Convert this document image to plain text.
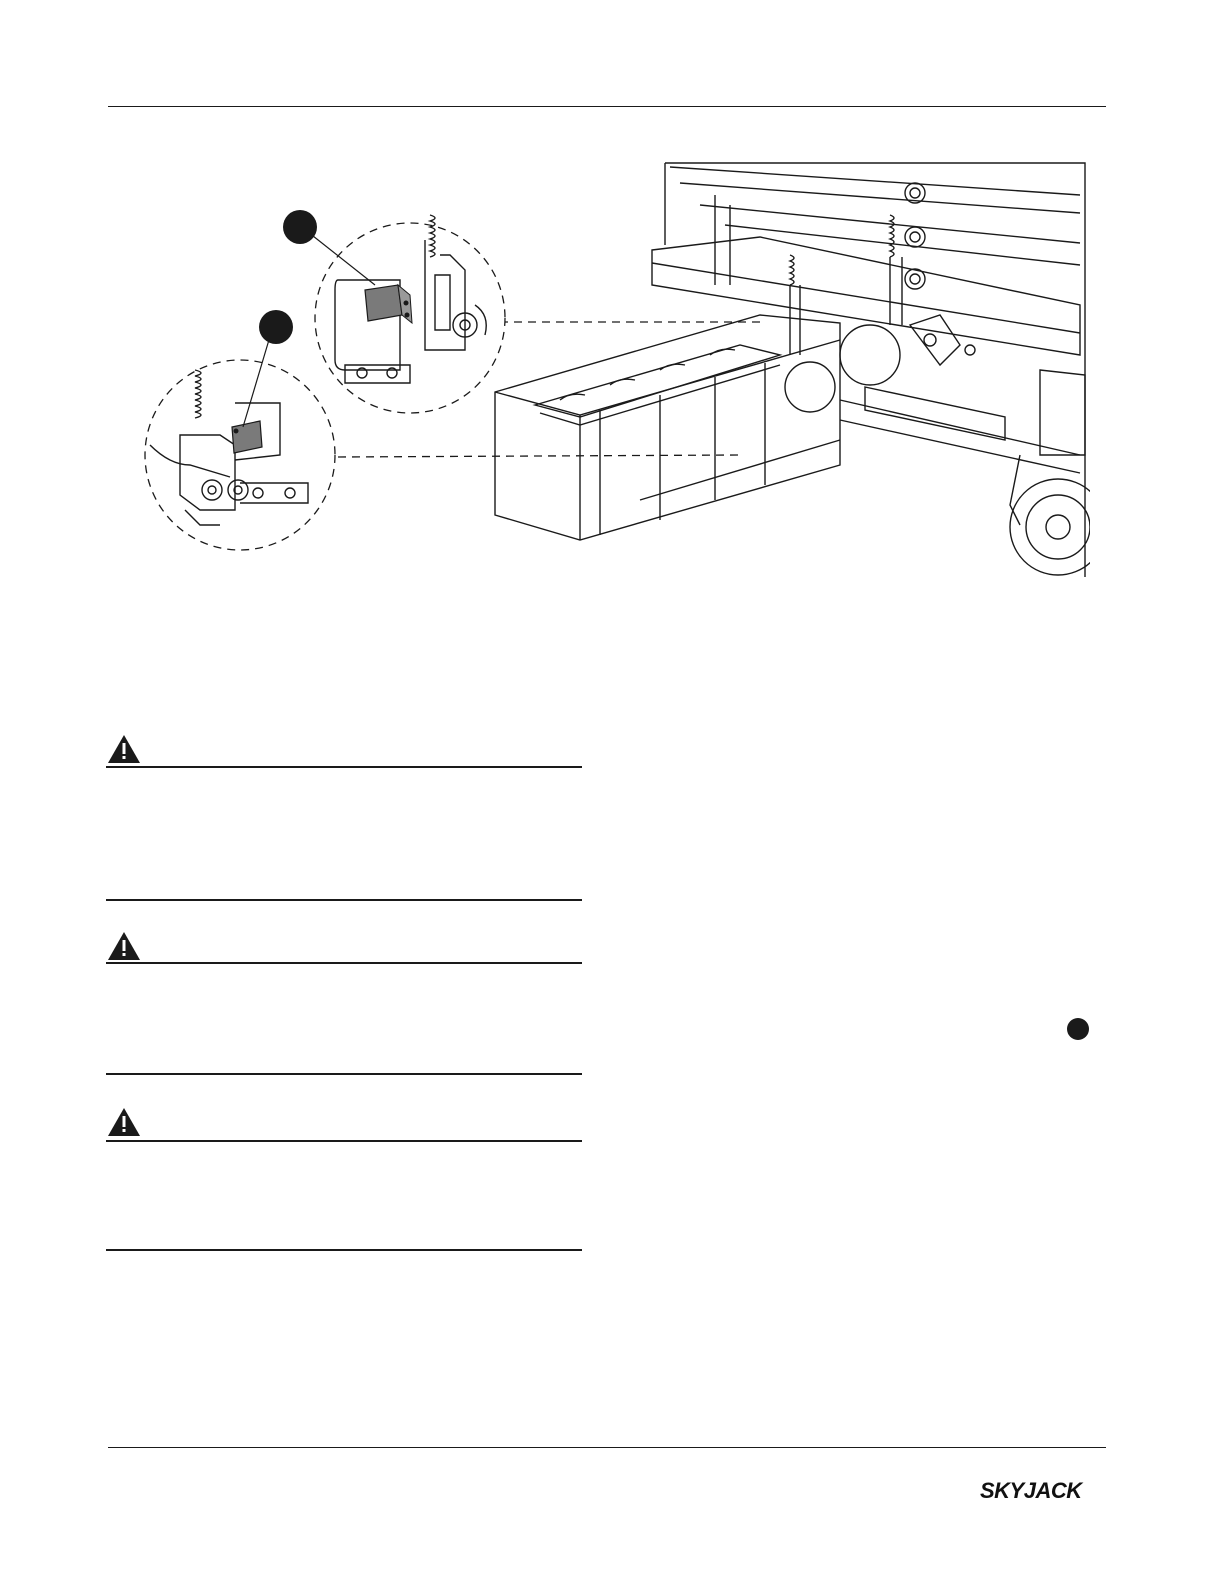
SKYJACK
